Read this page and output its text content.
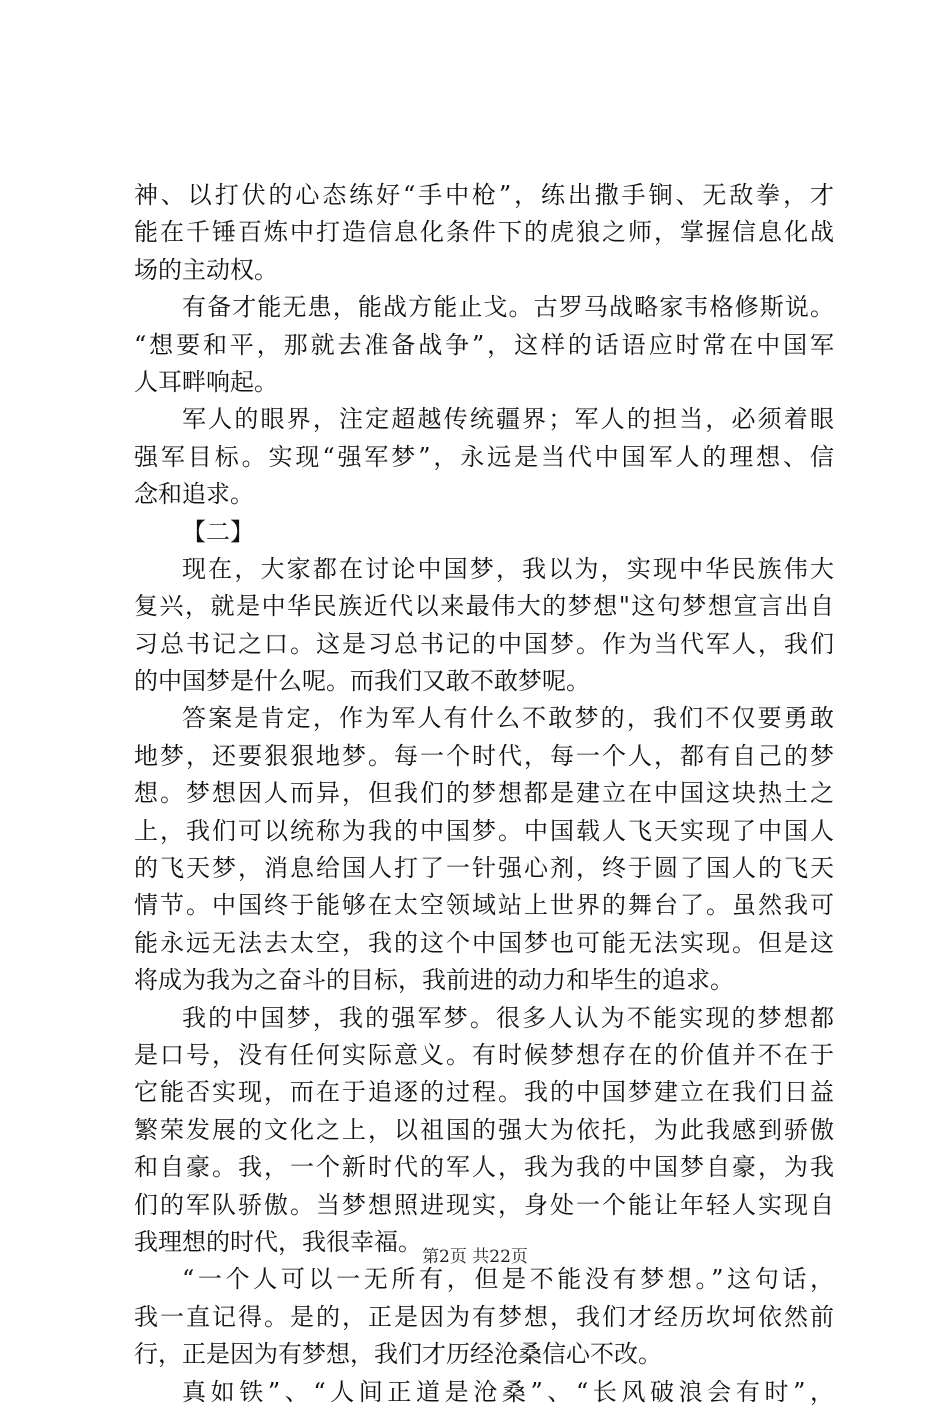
神、以打伏的心态练好“手中枪”，练出撒手锏、无敌拳，才
能在千锤百炼中打造信息化条件下的虎狼之师，掌握信息化战
场的主动权。
有备才能无患，能战方能止戈。古罗马战略家韦格修斯说。
“想要和平，那就去准备战争”，这样的话语应时常在中国军
人耳畔响起。
军人的眼界，注定超越传统疆界；军人的担当，必须着眼
强军目标。实现“强军梦”，永远是当代中国军人的理想、信
念和追求。
【二】
现在，大家都在讨论中国梦，我以为，实现中华民族伟大
复兴，就是中华民族近代以来最伟大的梦想"这句梦想宣言出自
习总书记之口。这是习总书记的中国梦。作为当代军人，我们
的中国梦是什么呢。而我们又敢不敢梦呢。
答案是肯定，作为军人有什么不敢梦的，我们不仅要勇敢
地梦，还要狠狠地梦。每一个时代，每一个人，都有自己的梦
想。梦想因人而异，但我们的梦想都是建立在中国这块热土之
上，我们可以统称为我的中国梦。中国载人飞天实现了中国人
的飞天梦，消息给国人打了一针强心剂，终于圆了国人的飞天
情节。中国终于能够在太空领域站上世界的舞台了。虽然我可
能永远无法去太空，我的这个中国梦也可能无法实现。但是这
将成为我为之奋斗的目标，我前进的动力和毕生的追求。
我的中国梦，我的强军梦。很多人认为不能实现的梦想都
是口号，没有任何实际意义。有时候梦想存在的价值并不在于
它能否实现，而在于追逐的过程。我的中国梦建立在我们日益
繁荣发展的文化之上，以祖国的强大为依托，为此我感到骄傲
和自豪。我，一个新时代的军人，我为我的中国梦自豪，为我
们的军队骄傲。当梦想照进现实，身处一个能让年轻人实现自
我理想的时代，我很幸福。
“一个人可以一无所有，但是不能没有梦想。”这句话，
我一直记得。是的，正是因为有梦想，我们才经历坎坷依然前
行，正是因为有梦想，我们才历经沧桑信心不改。
真如铁”、“人间正道是沧桑”、“长风破浪会有时”，
第2页 共22页
